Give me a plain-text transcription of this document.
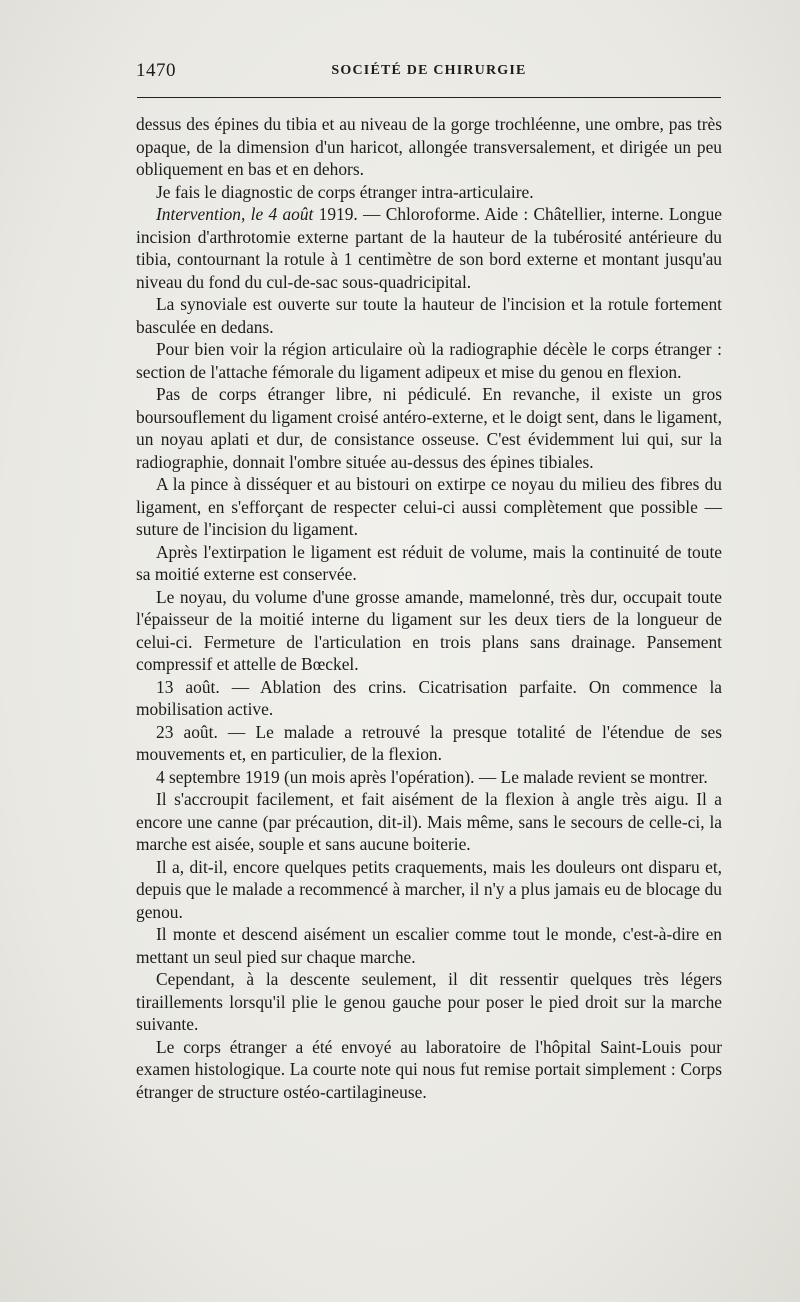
1470	SOCIÉTÉ DE CHIRURGIE

dessus des épines du tibia et au niveau de la gorge trochléenne, une ombre, pas très opaque, de la dimension d'un haricot, allongée transversalement, et dirigée un peu obliquement en bas et en dehors.

Je fais le diagnostic de corps étranger intra-articulaire.

Intervention, le 4 août 1919. — Chloroforme. Aide : Châtellier, interne. Longue incision d'arthrotomie externe partant de la hauteur de la tubérosité antérieure du tibia, contournant la rotule à 1 centimètre de son bord externe et montant jusqu'au niveau du fond du cul-de-sac sous-quadricipital.

La synoviale est ouverte sur toute la hauteur de l'incision et la rotule fortement basculée en dedans.

Pour bien voir la région articulaire où la radiographie décèle le corps étranger : section de l'attache fémorale du ligament adipeux et mise du genou en flexion.

Pas de corps étranger libre, ni pédiculé. En revanche, il existe un gros boursouflement du ligament croisé antéro-externe, et le doigt sent, dans le ligament, un noyau aplati et dur, de consistance osseuse. C'est évidemment lui qui, sur la radiographie, donnait l'ombre située au-dessus des épines tibiales.

A la pince à disséquer et au bistouri on extirpe ce noyau du milieu des fibres du ligament, en s'efforçant de respecter celui-ci aussi complètement que possible — suture de l'incision du ligament.

Après l'extirpation le ligament est réduit de volume, mais la continuité de toute sa moitié externe est conservée.

Le noyau, du volume d'une grosse amande, mamelonné, très dur, occupait toute l'épaisseur de la moitié interne du ligament sur les deux tiers de la longueur de celui-ci. Fermeture de l'articulation en trois plans sans drainage. Pansement compressif et attelle de Bœckel.

13 août. — Ablation des crins. Cicatrisation parfaite. On commence la mobilisation active.

23 août. — Le malade a retrouvé la presque totalité de l'étendue de ses mouvements et, en particulier, de la flexion.

4 septembre 1919 (un mois après l'opération). — Le malade revient se montrer.

Il s'accroupit facilement, et fait aisément de la flexion à angle très aigu. Il a encore une canne (par précaution, dit-il). Mais même, sans le secours de celle-ci, la marche est aisée, souple et sans aucune boiterie.

Il a, dit-il, encore quelques petits craquements, mais les douleurs ont disparu et, depuis que le malade a recommencé à marcher, il n'y a plus jamais eu de blocage du genou.

Il monte et descend aisément un escalier comme tout le monde, c'est-à-dire en mettant un seul pied sur chaque marche.

Cependant, à la descente seulement, il dit ressentir quelques très légers tiraillements lorsqu'il plie le genou gauche pour poser le pied droit sur la marche suivante.

Le corps étranger a été envoyé au laboratoire de l'hôpital Saint-Louis pour examen histologique. La courte note qui nous fut remise portait simplement : Corps étranger de structure ostéo-cartilagineuse.
